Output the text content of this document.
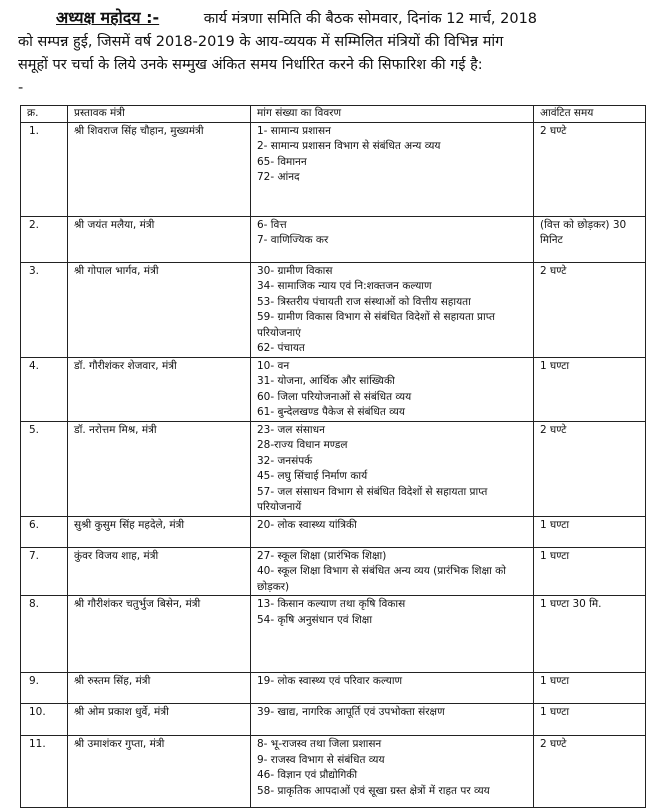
अध्यक्ष महोदय :-	कार्य मंत्रणा समिति की बैठक सोमवार, दिनांक 12 मार्च, 2018
को सम्पन्न हुई, जिसमें वर्ष 2018-2019 के आय-व्ययक में सम्मिलित मंत्रियों की विभिन्न मांग
समूहों पर चर्चा के लिये उनके सम्मुख अंकित समय निर्धारित करने की सिफारिश की गई है:
-
क्र.	प्रस्तावक मंत्री	मांग संख्या का विवरण	आवंटित समय
1.	श्री शिवराज सिंह चौहान, मुख्यमंत्री	1- सामान्य प्रशासन
2- सामान्य प्रशासन विभाग से संबंधित अन्य व्यय
65- विमानन
72- आंनद	2 घण्टे
2.	श्री जयंत मलैया, मंत्री	6- वित्त
7- वाणिज्यिक कर	(वित्त को छोड़कर) 30 मिनिट
3.	श्री गोपाल भार्गव, मंत्री	30- ग्रामीण विकास
34- सामाजिक न्याय एवं नि:शक्तजन कल्याण
53- त्रिस्तरीय पंचायती राज संस्थाओं को वित्तीय सहायता
59- ग्रामीण विकास विभाग से संबंधित विदेशों से सहायता प्राप्त परियोजनाएं
62- पंचायत	2 घण्टे
4.	डॉ. गौरीशंकर शेजवार, मंत्री	10- वन
31- योजना, आर्थिक और सांख्यिकी
60- जिला परियोजनाओं से संबंधित व्यय
61- बुन्देलखण्ड पैकेज से संबंधित व्यय	1 घण्टा
5.	डॉ. नरोत्तम मिश्र, मंत्री	23- जल संसाधन
28-राज्य विधान मण्डल
32- जनसंपर्क
45- लघु सिंचाई निर्माण कार्य
57- जल संसाधन विभाग से संबंधित विदेशों से सहायता प्राप्त परियोजनायें	2 घण्टे
6.	सुश्री कुसुम सिंह महदेले, मंत्री	20- लोक स्वास्थ्य यांत्रिकी	1 घण्टा
7.	कुंवर विजय शाह, मंत्री	27- स्कूल शिक्षा (प्रारंभिक शिक्षा)
40- स्कूल शिक्षा विभाग से संबंधित अन्य व्यय (प्रारंभिक शिक्षा को छोड़कर)	1 घण्टा
8.	श्री गौरीशंकर चतुर्भुज बिसेन, मंत्री	13- किसान कल्याण तथा कृषि विकास
54- कृषि अनुसंधान एवं शिक्षा	1 घण्टा 30 मि.
9.	श्री रुस्तम सिंह, मंत्री	19- लोक स्वास्थ्य एवं परिवार कल्याण	1 घण्टा
10.	श्री ओम प्रकाश धुर्वे, मंत्री	39- खाद्य, नागरिक आपूर्ति एवं उपभोक्ता संरक्षण	1 घण्टा
11.	श्री उमाशंकर गुप्ता, मंत्री	8- भू-राजस्व तथा जिला प्रशासन
9- राजस्व विभाग से संबंधित व्यय
46- विज्ञान एवं प्रौद्योगिकी
58- प्राकृतिक आपदाओं एवं सूखा ग्रस्त क्षेत्रों में राहत पर व्यय	2 घण्टे
